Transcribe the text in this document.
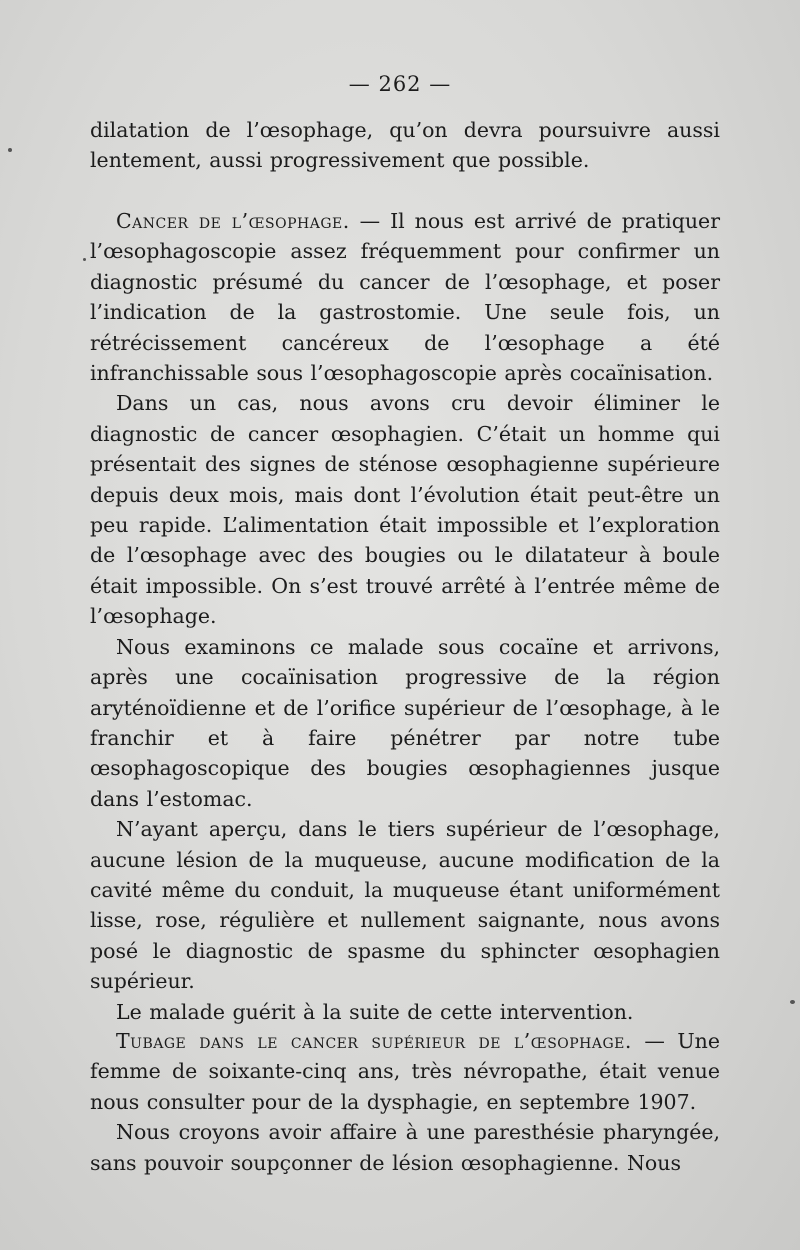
— 262 —

dilatation de l’œsophage, qu’on devra poursuivre aussi lentement, aussi progressivement que possible.

Cancer de l’œsophage. — Il nous est arrivé de pratiquer l’œsophagoscopie assez fréquemment pour confirmer un diagnostic présumé du cancer de l’œsophage, et poser l’indication de la gastrostomie. Une seule fois, un rétrécissement cancéreux de l’œsophage a été infranchissable sous l’œsophagoscopie après cocaïnisation.

Dans un cas, nous avons cru devoir éliminer le diagnostic de cancer œsophagien. C’était un homme qui présentait des signes de sténose œsophagienne supérieure depuis deux mois, mais dont l’évolution était peut-être un peu rapide. L’alimentation était impossible et l’exploration de l’œsophage avec des bougies ou le dilatateur à boule était impossible. On s’est trouvé arrêté à l’entrée même de l’œsophage.

Nous examinons ce malade sous cocaïne et arrivons, après une cocaïnisation progressive de la région aryténoïdienne et de l’orifice supérieur de l’œsophage, à le franchir et à faire pénétrer par notre tube œsophagoscopique des bougies œsophagiennes jusque dans l’estomac.

N’ayant aperçu, dans le tiers supérieur de l’œsophage, aucune lésion de la muqueuse, aucune modification de la cavité même du conduit, la muqueuse étant uniformément lisse, rose, régulière et nullement saignante, nous avons posé le diagnostic de spasme du sphincter œsophagien supérieur.

Le malade guérit à la suite de cette intervention.

Tubage dans le cancer supérieur de l’œsophage. — Une femme de soixante-cinq ans, très névropathe, était venue nous consulter pour de la dysphagie, en septembre 1907.

Nous croyons avoir affaire à une paresthésie pharyngée, sans pouvoir soupçonner de lésion œsophagienne. Nous
